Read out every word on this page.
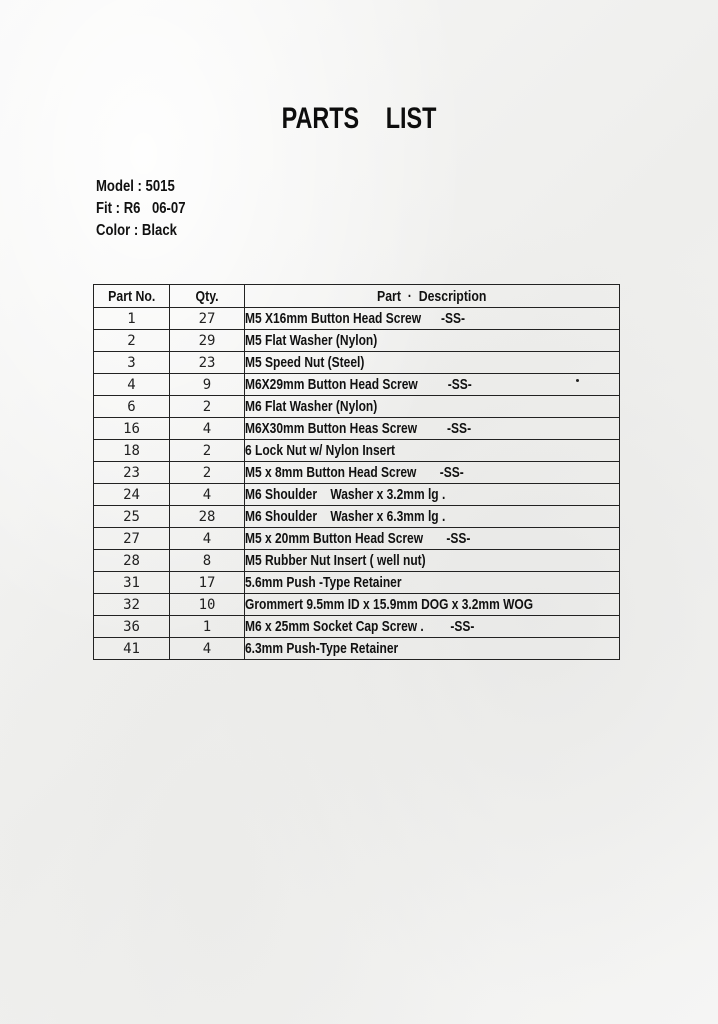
PARTS LIST
Model : 5015
Fit : R6 06-07
Color : Black
Part No.	Qty.	Part  ·  Description
1	27	M5 X16mm Button Head Screw      -SS-
2	29	M5 Flat Washer (Nylon)
3	23	M5 Speed Nut (Steel)
4	9	M6X29mm Button Head Screw         -SS-
6	2	M6 Flat Washer (Nylon)
16	4	M6X30mm Button Heas Screw         -SS-
18	2	6 Lock Nut w/ Nylon Insert
23	2	M5 x 8mm Button Head Screw       -SS-
24	4	M6 Shoulder    Washer x 3.2mm lg .
25	28	M6 Shoulder    Washer x 6.3mm lg .
27	4	M5 x 20mm Button Head Screw       -SS-
28	8	M5 Rubber Nut Insert ( well nut)
31	17	5.6mm Push -Type Retainer
32	10	Grommert 9.5mm ID x 15.9mm DOG x 3.2mm WOG
36	1	M6 x 25mm Socket Cap Screw .        -SS-
41	4	6.3mm Push-Type Retainer
